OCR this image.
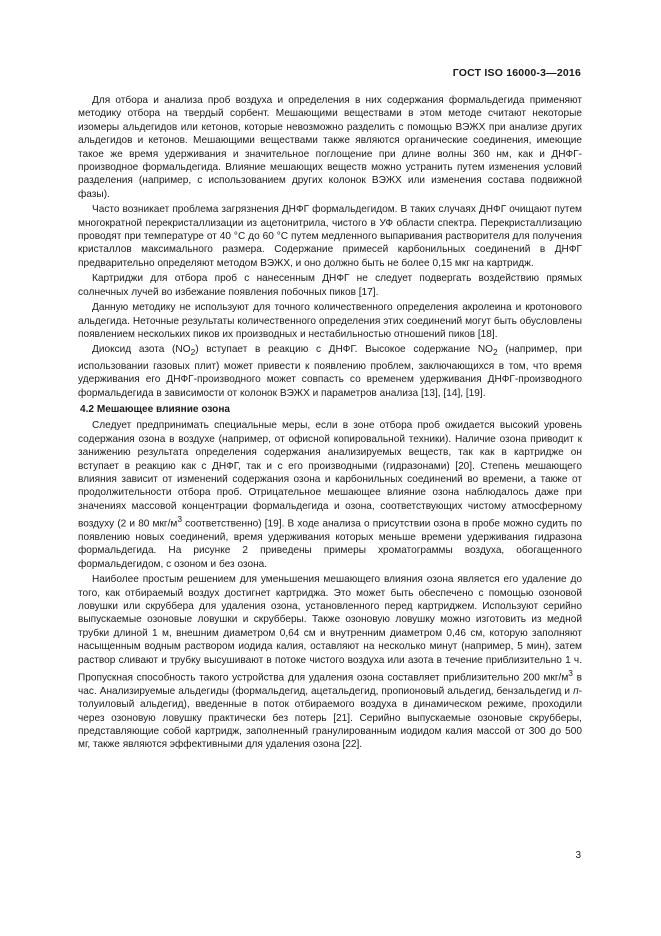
ГОСТ ISO 16000-3—2016

Для отбора и анализа проб воздуха и определения в них содержания формальдегида применяют методику отбора на твердый сорбент. Мешающими веществами в этом методе считают некоторые изомеры альдегидов или кетонов, которые невозможно разделить с помощью ВЭЖХ при анализе других альдегидов и кетонов. Мешающими веществами также являются органические соединения, имеющие такое же время удерживания и значительное поглощение при длине волны 360 нм, как и ДНФГ-производное формальдегида. Влияние мешающих веществ можно устранить путем изменения условий разделения (например, с использованием других колонок ВЭЖХ или изменения состава подвижной фазы).

Часто возникает проблема загрязнения ДНФГ формальдегидом. В таких случаях ДНФГ очищают путем многократной перекристаллизации из ацетонитрила, чистого в УФ области спектра. Перекристаллизацию проводят при температуре от 40 °С до 60 °С путем медленного выпаривания растворителя для получения кристаллов максимального размера. Содержание примесей карбонильных соединений в ДНФГ предварительно определяют методом ВЭЖХ, и оно должно быть не более 0,15 мкг на картридж.

Картриджи для отбора проб с нанесенным ДНФГ не следует подвергать воздействию прямых солнечных лучей во избежание появления побочных пиков [17].

Данную методику не используют для точного количественного определения акролеина и кротонового альдегида. Неточные результаты количественного определения этих соединений могут быть обусловлены появлением нескольких пиков их производных и нестабильностью отношений пиков [18].

Диоксид азота $(NO_2)$ вступает в реакцию с ДНФГ. Высокое содержание $NO_2$ (например, при использовании газовых плит) может привести к появлению проблем, заключающихся в том, что время удерживания его ДНФГ-производного может совпасть со временем удерживания ДНФГ-производного формальдегида в зависимости от колонок ВЭЖХ и параметров анализа [13], [14], [19].

4.2 Мешающее влияние озона

Следует предпринимать специальные меры, если в зоне отбора проб ожидается высокий уровень содержания озона в воздухе (например, от офисной копировальной техники). Наличие озона приводит к занижению результата определения содержания анализируемых веществ, так как в картридже он вступает в реакцию как с ДНФГ, так и с его производными (гидразонами) [20]. Степень мешающего влияния зависит от изменений содержания озона и карбонильных соединений во времени, а также от продолжительности отбора проб. Отрицательное мешающее влияние озона наблюдалось даже при значениях массовой концентрации формальдегида и озона, соответствующих чистому атмосферному воздуху (2 и 80 мкг/$м^3$ соответственно) [19]. В ходе анализа о присутствии озона в пробе можно судить по появлению новых соединений, время удерживания которых меньше времени удерживания гидразона формальдегида. На рисунке 2 приведены примеры хроматограммы воздуха, обогащенного формальдегидом, с озоном и без озона.

Наиболее простым решением для уменьшения мешающего влияния озона является его удаление до того, как отбираемый воздух достигнет картриджа. Это может быть обеспечено с помощью озоновой ловушки или скруббера для удаления озона, установленного перед картриджем. Используют серийно выпускаемые озоновые ловушки и скрубберы. Также озоновую ловушку можно изготовить из медной трубки длиной 1 м, внешним диаметром 0,64 см и внутренним диаметром 0,46 см, которую заполняют насыщенным водным раствором иодида калия, оставляют на несколько минут (например, 5 мин), затем раствор сливают и трубку высушивают в потоке чистого воздуха или азота в течение приблизительно 1 ч. Пропускная способность такого устройства для удаления озона составляет приблизительно 200 мкг/$м^3$ в час. Анализируемые альдегиды (формальдегид, ацетальдегид, пропионовый альдегид, бензальдегид и п-толуиловый альдегид), введенные в поток отбираемого воздуха в динамическом режиме, проходили через озоновую ловушку практически без потерь [21]. Серийно выпускаемые озоновые скрубберы, представляющие собой картридж, заполненный гранулированным иодидом калия массой от 300 до 500 мг, также являются эффективными для удаления озона [22].

3
